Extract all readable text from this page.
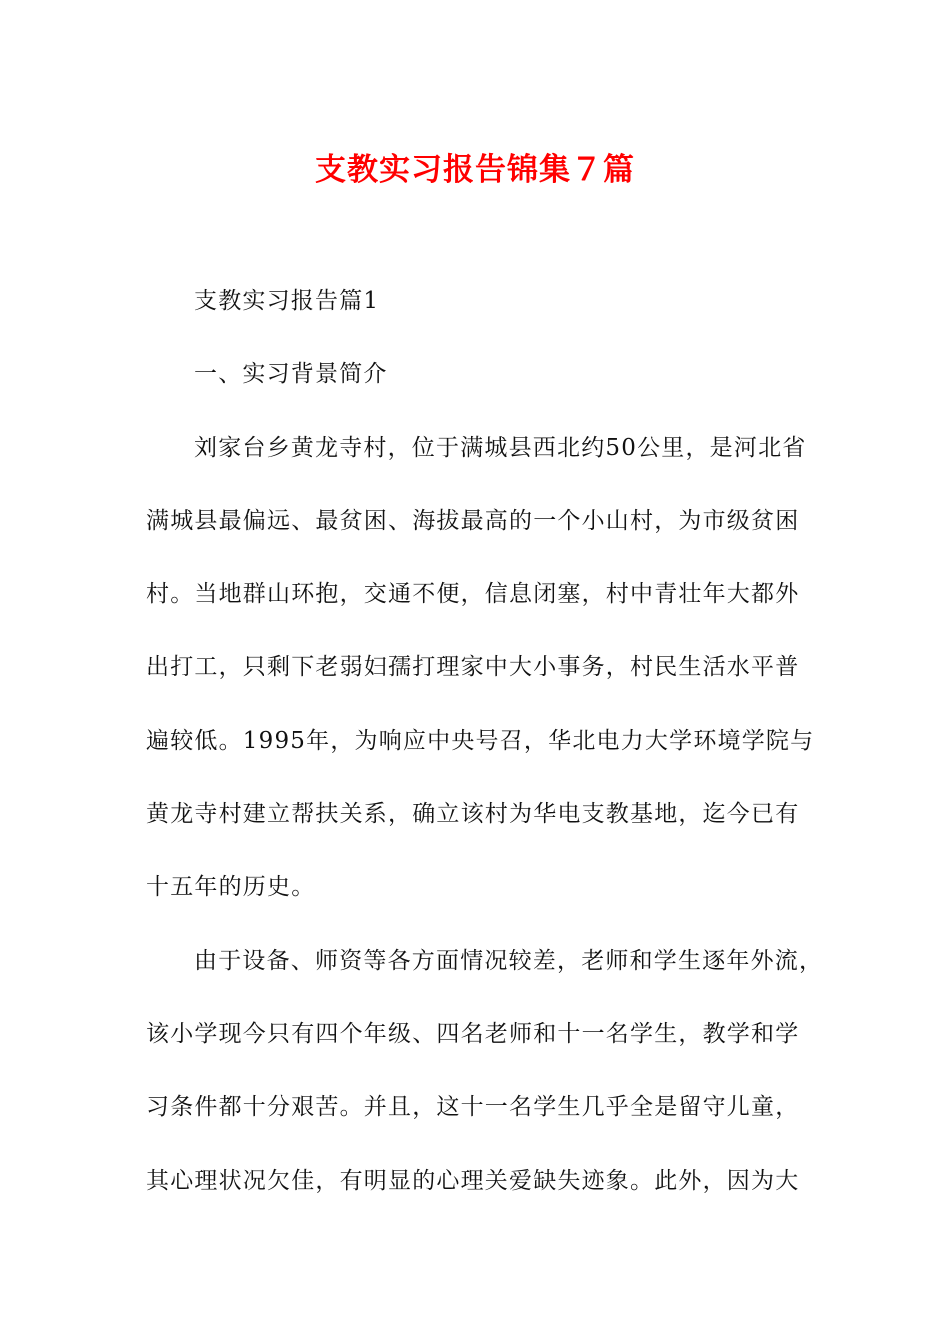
支教实习报告锦集７篇
支教实习报告篇1
一、实习背景简介
刘家台乡黄龙寺村，位于满城县西北约50公里，是河北省
满城县最偏远、最贫困、海拔最高的一个小山村，为市级贫困
村。当地群山环抱，交通不便，信息闭塞，村中青壮年大都外
出打工，只剩下老弱妇孺打理家中大小事务，村民生活水平普
遍较低。1995年，为响应中央号召，华北电力大学环境学院与
黄龙寺村建立帮扶关系，确立该村为华电支教基地，迄今已有
十五年的历史。
由于设备、师资等各方面情况较差，老师和学生逐年外流，
该小学现今只有四个年级、四名老师和十一名学生，教学和学
习条件都十分艰苦。并且，这十一名学生几乎全是留守儿童，
其心理状况欠佳，有明显的心理关爱缺失迹象。此外，因为大
